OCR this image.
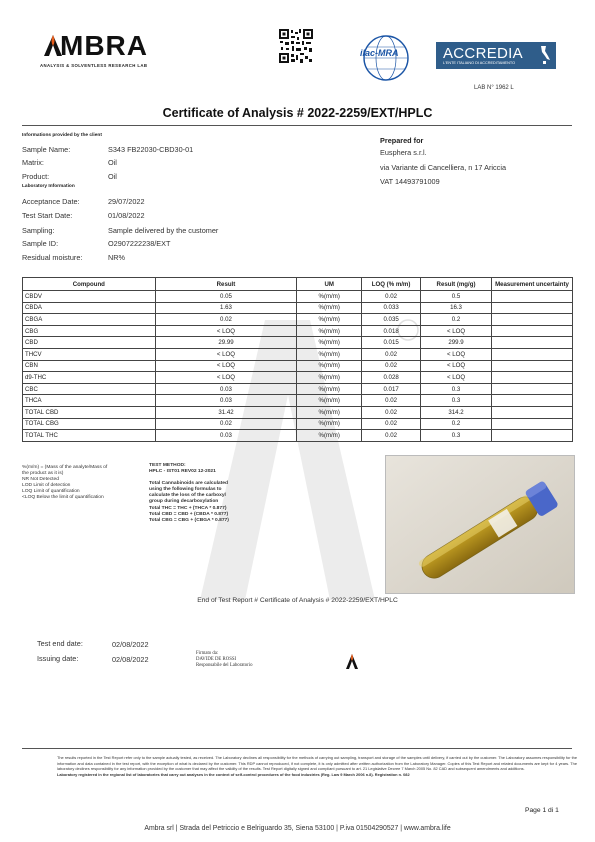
MBRA
ANALYSIS & SOLVENTLESS RESEARCH LAB
ilac-MRA	ACCREDIA
L'ENTE ITALIANO DI ACCREDITAMENTO
LAB N° 1962 L
Certificate of Analysis # 2022-2259/EXT/HPLC
Informations provided by the client
Sample Name:	S343 FB22030-CBD30-01
Matrix:	Oil
Product:	Oil
Laboratory Information
Acceptance Date:	29/07/2022
Test Start Date:	01/08/2022
Sampling:	Sample delivered by the customer
Sample ID:	O2907222238/EXT
Residual moisture:	NR%
Prepared for
Eusphera s.r.l.
via Variante di Cancelliera, n 17 Ariccia
VAT 14493791009
Compound	Result	UM	LOQ (% m/m)	Result (mg/g)	Measurement uncertainty
CBDV	0.05	%(m/m)	0.02	0.5	
CBDA	1.63	%(m/m)	0.033	16.3	
CBGA	0.02	%(m/m)	0.035	0.2	
CBG	< LOQ	%(m/m)	0.018	< LOQ	
CBD	29.99	%(m/m)	0.015	299.9	
THCV	< LOQ	%(m/m)	0.02	< LOQ	
CBN	< LOQ	%(m/m)	0.02	< LOQ	
d9-THC	< LOQ	%(m/m)	0.028	< LOQ	
CBC	0.03	%(m/m)	0.017	0.3	
THCA	0.03	%(m/m)	0.02	0.3	
TOTAL CBD	31.42	%(m/m)	0.02	314.2	
TOTAL CBG	0.02	%(m/m)	0.02	0.2	
TOTAL THC	0.03	%(m/m)	0.02	0.3	
%(m/m) = (Mass of the analyte/Mass of
the product as it is)
NR Not Detected
LOD Limit of detection
LOQ Limit of quantification
<LOQ Below the limit of quantification
TEST METHOD:
HPLC - IST01 REV02 12-2021
Total Cannabinoids are calculated
using the following formulas to
calculate the loss of the carboxyl
group during decarboxylation
Total THC = THC + (THCA * 0.877)
Total CBD = CBD + (CBDA * 0.877)
Total CBG = CBG + (CBGA * 0.877)
End of Test Report # Certificate of Analysis # 2022-2259/EXT/HPLC
Test end date:	02/08/2022
Issuing date:	02/08/2022
Firmato da:
DAVIDE DE ROSSI
Responsabile del Laboratorio
The results reported in the Test Report refer only to the sample actually tested, as received. The Laboratory declines all responsibility for the methods of carrying out sampling, transport and storage of the samples until delivery, if carried out by the customer. The Laboratory assumes responsibility for the information and data contained in the test report, with the exception of what is declared by the customer. This RDP cannot reproduced, if not complete, it is only admitted after written authorization from the Laboratory Manager. Copies of this Test Report and related documents are kept for 4 years. The laboratory declines responsibility for any information provided by the customer that may affect the validity of the results. Test Report digitally signed and compliant pursuant to art. 21 Legislative Decree 7 March 2005 No. 82 CAD and subsequent amendments and additions.
Laboratory registered in the regional list of laboratories that carry out analyses in the context of self-control procedures of the food industries (Reg. Law 9 March 2006 n.8). Registration n. 082
Page 1 di 1
Ambra srl | Strada del Petriccio e Belriguardo 35, Siena 53100 | P.iva 01504290527 | www.ambra.life
